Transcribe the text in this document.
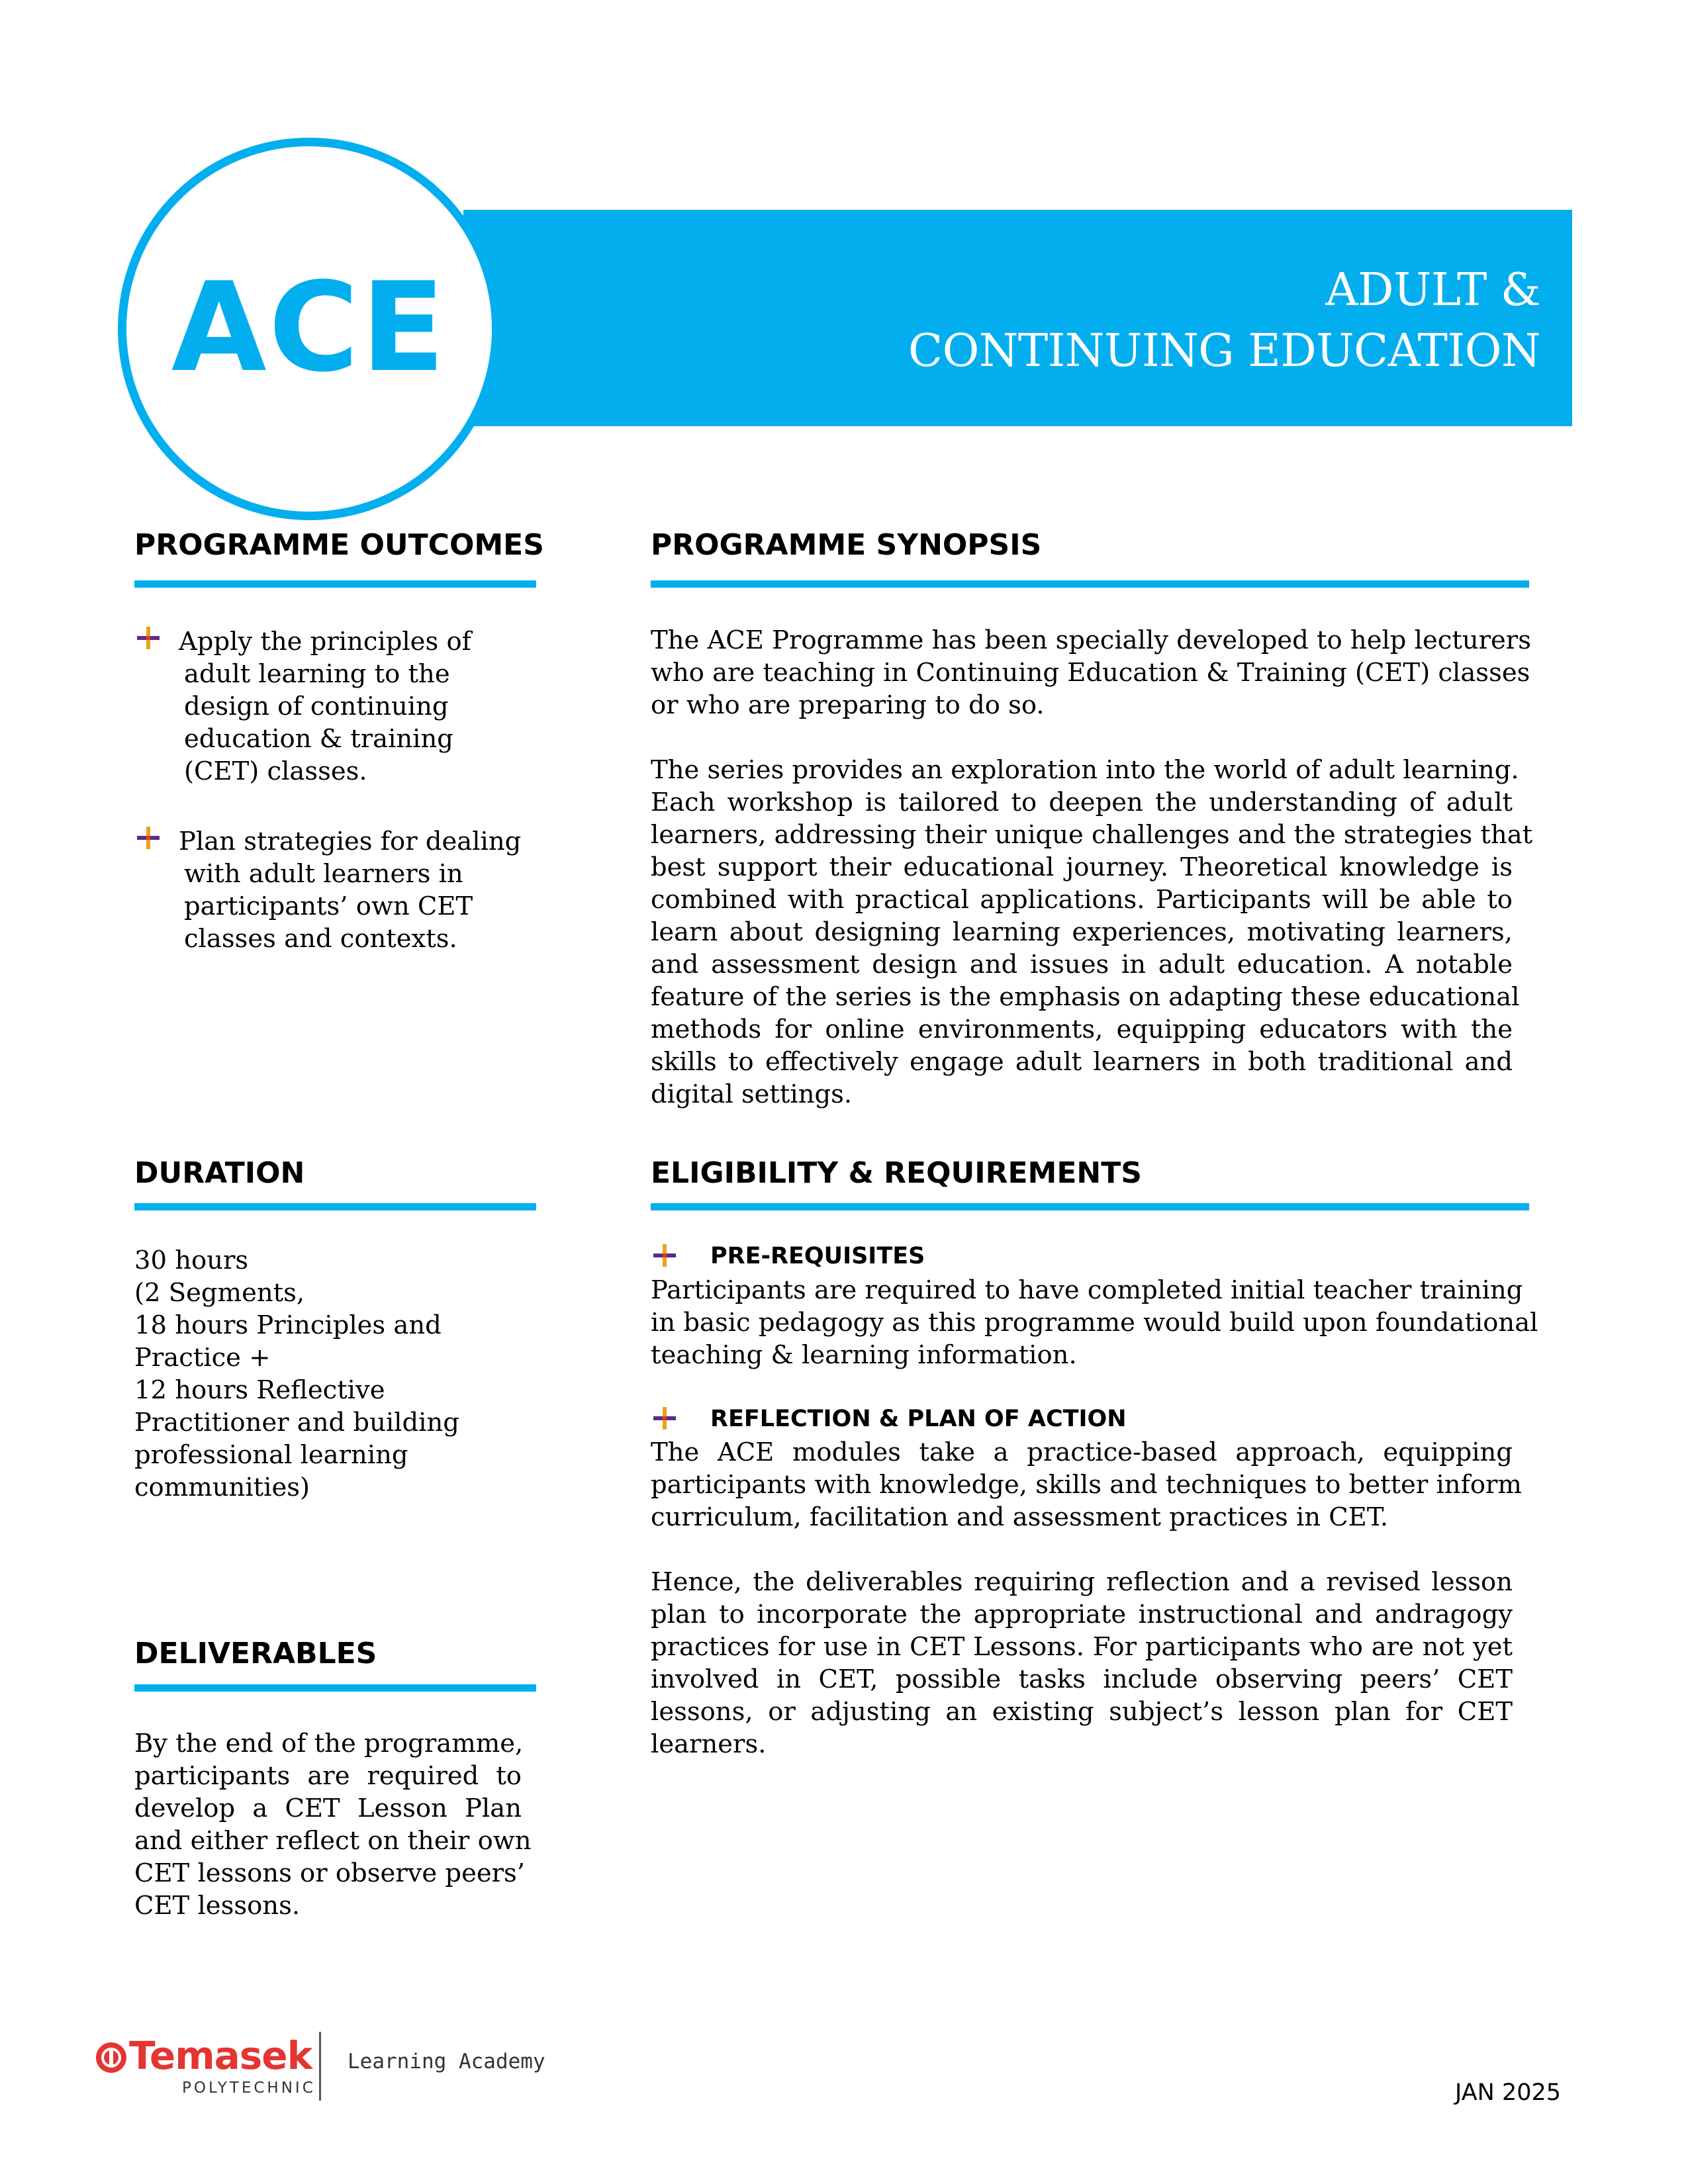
ADULT &
CONTINUING EDUCATION
ACE
PROGRAMME OUTCOMES
Apply the principles of
adult learning to the
design of continuing
education & training
(CET) classes.
Plan strategies for dealing
with adult learners in
participants’ own CET
classes and contexts.
PROGRAMME SYNOPSIS
The ACE Programme has been specially developed to help lecturers
who are teaching in Continuing Education & Training (CET) classes
or who are preparing to do so.
The series provides an exploration into the world of adult learning.
Each workshop is tailored to deepen the understanding of adult
learners, addressing their unique challenges and the strategies that
best support their educational journey. Theoretical knowledge is
combined with practical applications. Participants will be able to
learn about designing learning experiences, motivating learners,
and assessment design and issues in adult education. A notable
feature of the series is the emphasis on adapting these educational
methods for online environments, equipping educators with the
skills to effectively engage adult learners in both traditional and
digital settings.
DURATION
30 hours
(2 Segments,
18 hours Principles and
Practice +
12 hours Reflective
Practitioner and building
professional learning
communities)
ELIGIBILITY & REQUIREMENTS
PRE-REQUISITES
Participants are required to have completed initial teacher training
in basic pedagogy as this programme would build upon foundational
teaching & learning information.
REFLECTION & PLAN OF ACTION
The ACE modules take a practice-based approach, equipping
participants with knowledge, skills and techniques to better inform
curriculum, facilitation and assessment practices in CET.
Hence, the deliverables requiring reflection and a revised lesson
plan to incorporate the appropriate instructional and andragogy
practices for use in CET Lessons. For participants who are not yet
involved in CET, possible tasks include observing peers’ CET
lessons, or adjusting an existing subject’s lesson plan for CET
learners.
DELIVERABLES
By the end of the programme,
participants are required to
develop a CET Lesson Plan
and either reflect on their own
CET lessons or observe peers’
CET lessons.
Temasek
POLYTECHNIC
Learning Academy
JAN 2025
